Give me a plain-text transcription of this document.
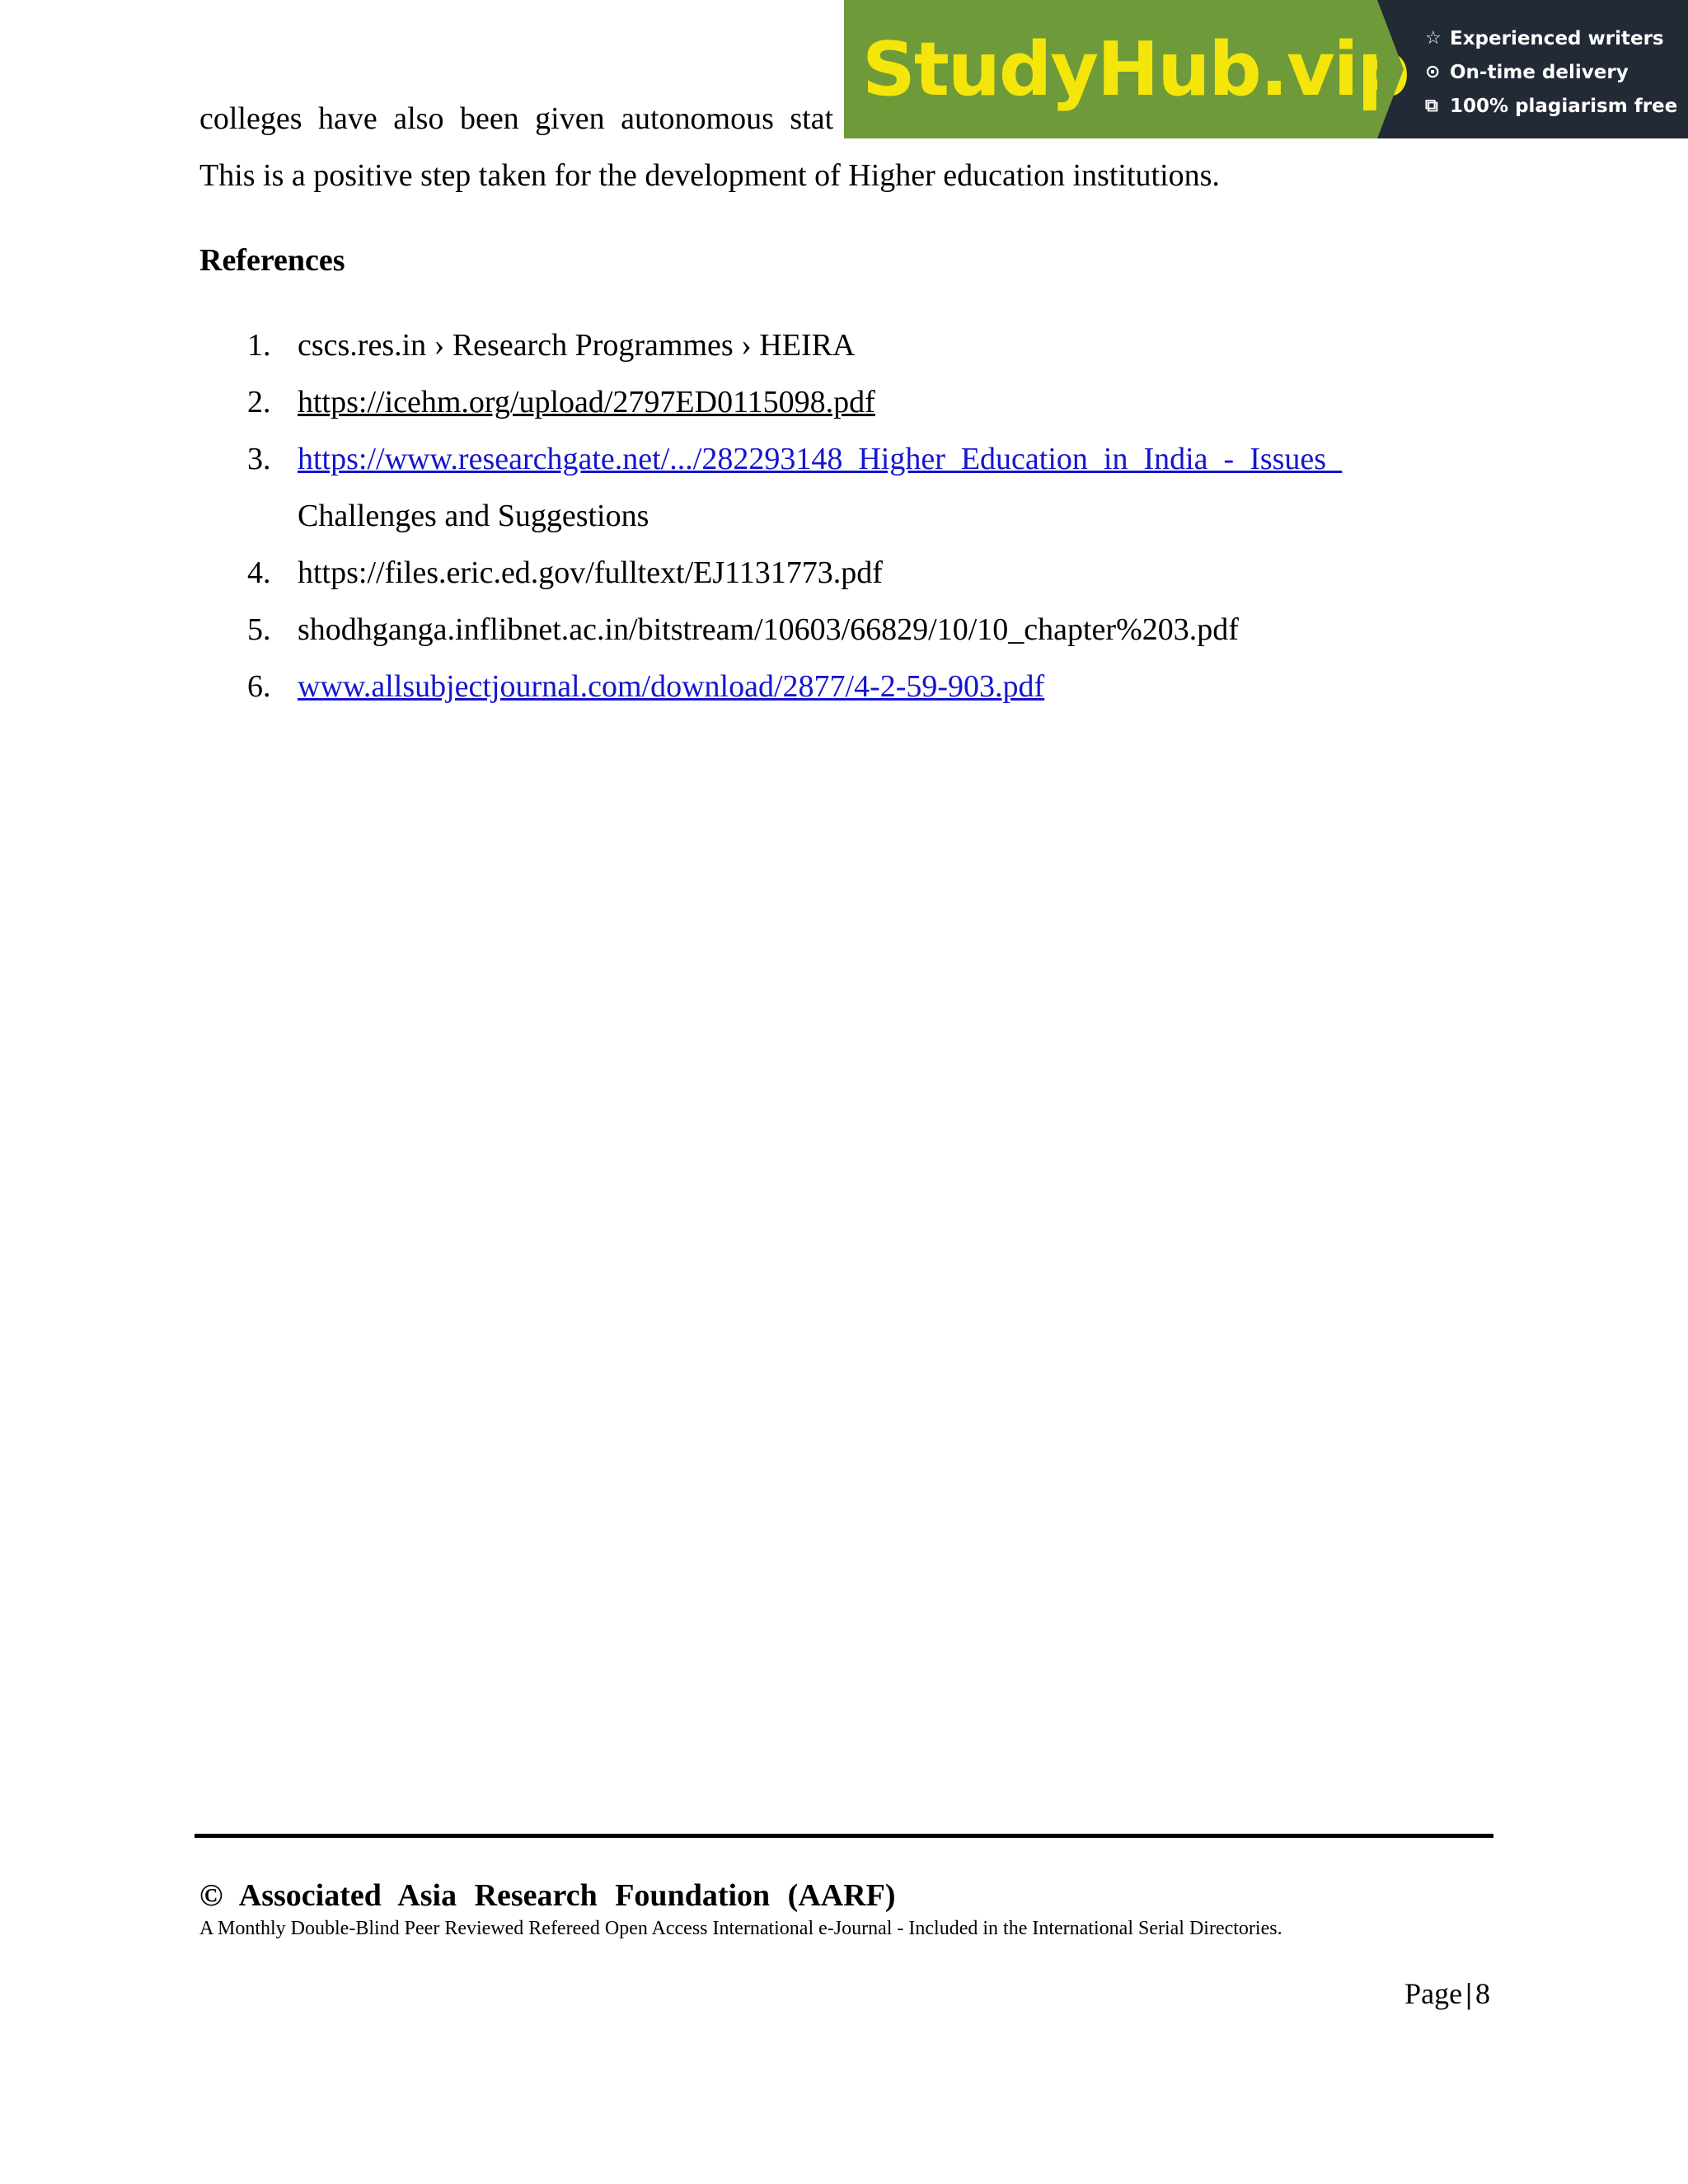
StudyHub.vip ☆ Experienced writers
⊙ On-time delivery
⧉ 100% plagiarism free
colleges have also been given autonomous stat
This is a positive step taken for the development of Higher education institutions.
References
1. cscs.res.in › Research Programmes › HEIRA
2. https://icehm.org/upload/2797ED0115098.pdf
3. https://www.researchgate.net/.../282293148_Higher_Education_in_India_-_Issues_
Challenges and Suggestions
4. https://files.eric.ed.gov/fulltext/EJ1131773.pdf
5. shodhganga.inflibnet.ac.in/bitstream/10603/66829/10/10_chapter%203.pdf
6. www.allsubjectjournal.com/download/2877/4-2-59-903.pdf
© Associated Asia Research Foundation (AARF)
A Monthly Double-Blind Peer Reviewed Refereed Open Access International e-Journal - Included in the International Serial Directories.
Page | 8
